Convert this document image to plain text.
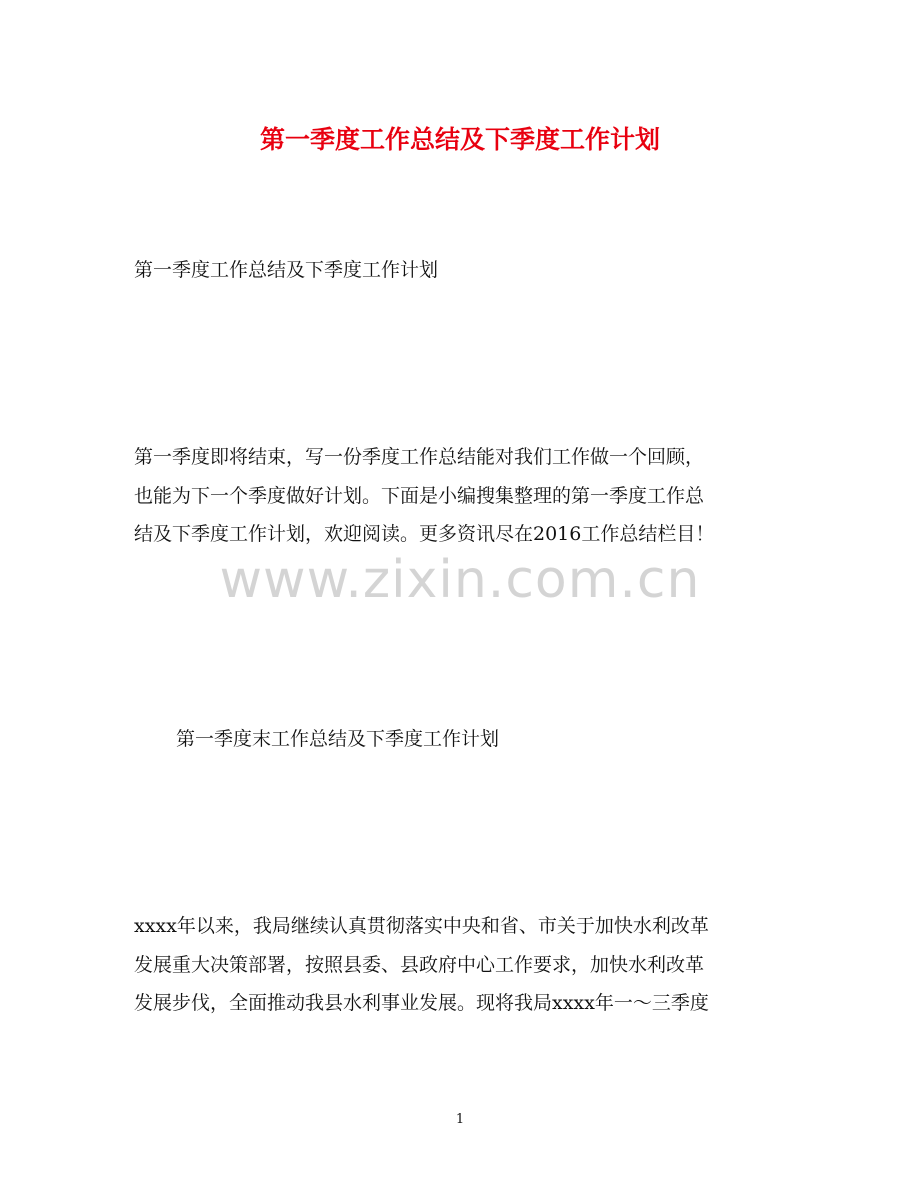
第一季度工作总结及下季度工作计划
第一季度工作总结及下季度工作计划
第一季度即将结束，写一份季度工作总结能对我们工作做一个回顾，
也能为下一个季度做好计划。下面是小编搜集整理的第一季度工作总
结及下季度工作计划，欢迎阅读。更多资讯尽在2016工作总结栏目！
www.zixin.com.cn
第一季度末工作总结及下季度工作计划
xxxx年以来，我局继续认真贯彻落实中央和省、市关于加快水利改革
发展重大决策部署，按照县委、县政府中心工作要求，加快水利改革
发展步伐，全面推动我县水利事业发展。现将我局xxxx年一～三季度
1
